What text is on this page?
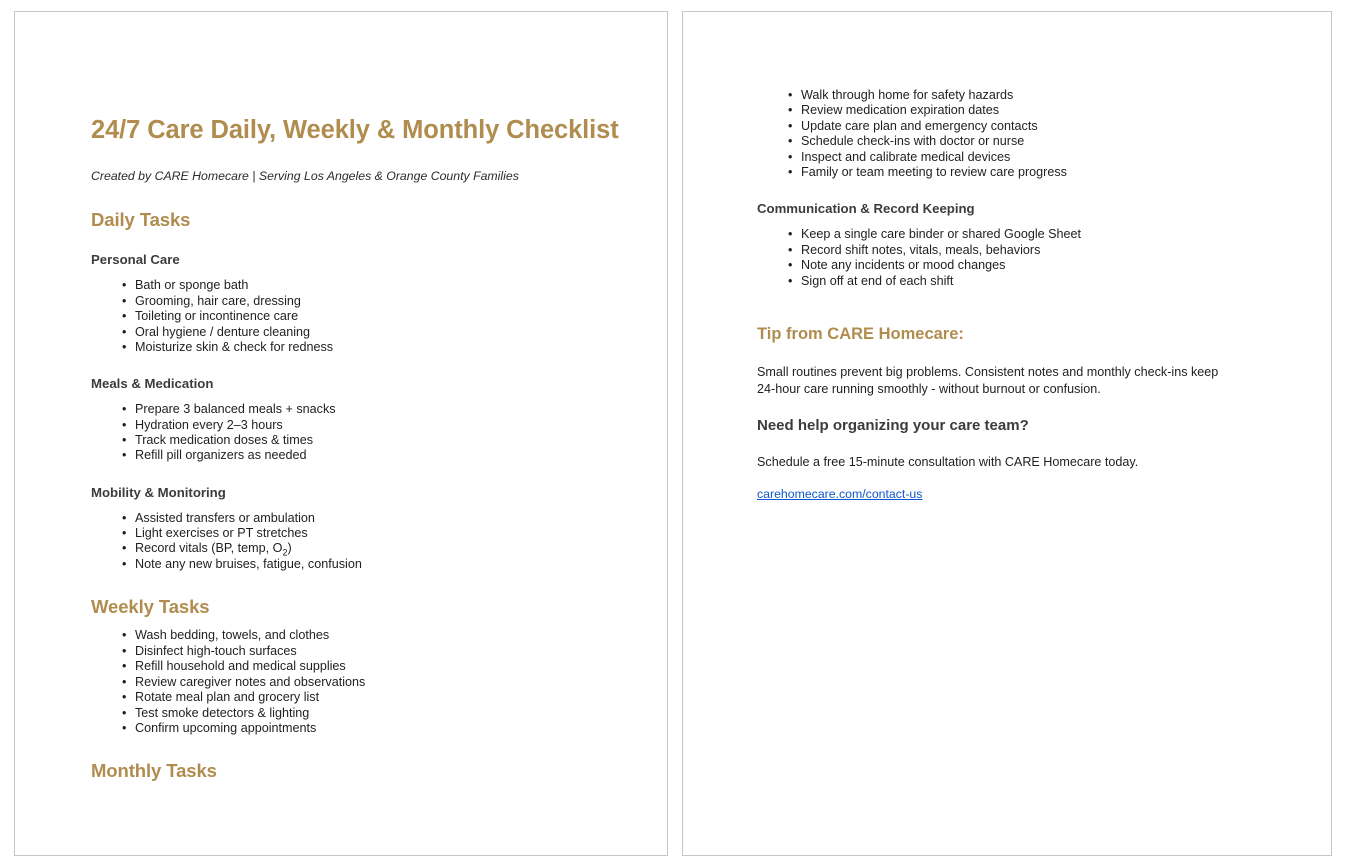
24/7 Care Daily, Weekly & Monthly Checklist

Created by CARE Homecare | Serving Los Angeles & Orange County Families

Daily Tasks
Personal Care
• Bath or sponge bath
• Grooming, hair care, dressing
• Toileting or incontinence care
• Oral hygiene / denture cleaning
• Moisturize skin & check for redness
Meals & Medication
• Prepare 3 balanced meals + snacks
• Hydration every 2–3 hours
• Track medication doses & times
• Refill pill organizers as needed
Mobility & Monitoring
• Assisted transfers or ambulation
• Light exercises or PT stretches
• Record vitals (BP, temp, $O_2$)
• Note any new bruises, fatigue, confusion
Weekly Tasks
• Wash bedding, towels, and clothes
• Disinfect high-touch surfaces
• Refill household and medical supplies
• Review caregiver notes and observations
• Rotate meal plan and grocery list
• Test smoke detectors & lighting
• Confirm upcoming appointments
Monthly Tasks
• Walk through home for safety hazards
• Review medication expiration dates
• Update care plan and emergency contacts
• Schedule check-ins with doctor or nurse
• Inspect and calibrate medical devices
• Family or team meeting to review care progress
Communication & Record Keeping
• Keep a single care binder or shared Google Sheet
• Record shift notes, vitals, meals, behaviors
• Note any incidents or mood changes
• Sign off at end of each shift
Tip from CARE Homecare:

Small routines prevent big problems. Consistent notes and monthly check-ins keep 24-hour care running smoothly - without burnout or confusion.

Need help organizing your care team?

Schedule a free 15-minute consultation with CARE Homecare today.

carehomecare.com/contact-us
